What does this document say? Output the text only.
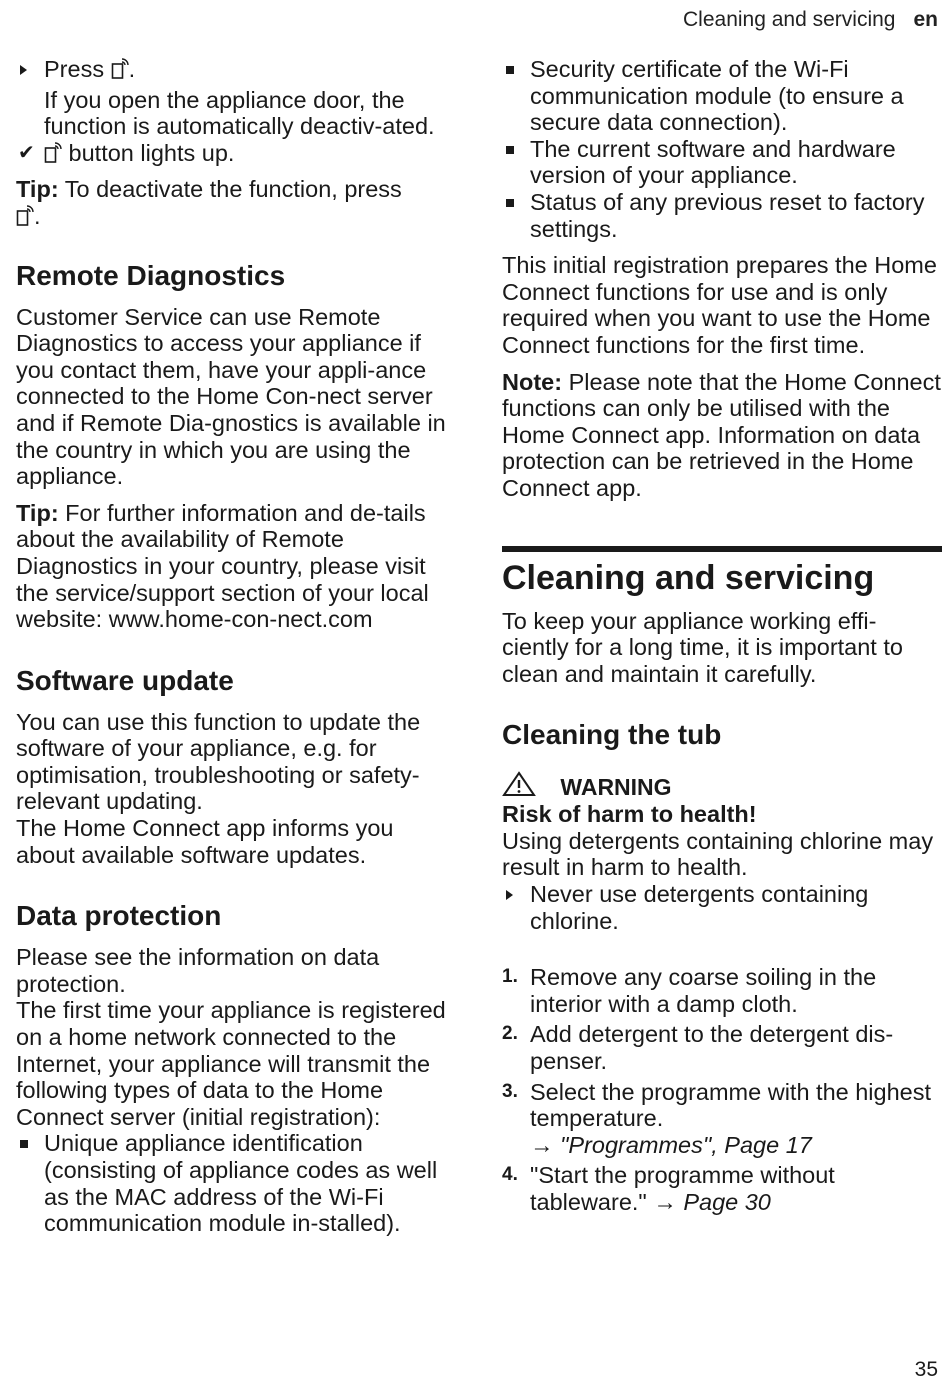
Cleaning and servicing en
Press .

If you open the appliance door, the function is automatically deactiv-ated.

✔ button lights up.

Tip: To deactivate the function, press
.

Remote Diagnostics

Customer Service can use Remote Diagnostics to access your appliance if you contact them, have your appli-ance connected to the Home Con-nect server and if Remote Dia-gnostics is available in the country in which you are using the appliance.

Tip: For further information and de-tails about the availability of Remote Diagnostics in your country, please visit the service/support section of your local website: www.home-con-nect.com

Software update

You can use this function to update the software of your appliance, e.g. for optimisation, troubleshooting or safety-relevant updating.

The Home Connect app informs you about available software updates.

Data protection

Please see the information on data protection.

The first time your appliance is registered on a home network connected to the Internet, your appliance will transmit the following types of data to the Home Connect server (initial registration):

Unique appliance identification (consisting of appliance codes as well as the MAC address of the Wi-Fi communication module in-stalled).
Security certificate of the Wi-Fi communication module (to ensure a secure data connection).
The current software and hardware version of your appliance.
Status of any previous reset to factory settings.

This initial registration prepares the Home Connect functions for use and is only required when you want to use the Home Connect functions for the first time.

Note: Please note that the Home Connect functions can only be utilised with the Home Connect app. Information on data protection can be retrieved in the Home Connect app.

Cleaning and servicing

To keep your appliance working effi-ciently for a long time, it is important to clean and maintain it carefully.

Cleaning the tub
WARNING

Risk of harm to health!

Using detergents containing chlorine may result in harm to health.

Never use detergents containing chlorine.
1. Remove any coarse soiling in the interior with a damp cloth.
2. Add detergent to the detergent dis-penser.
3. Select the programme with the highest temperature.
→ "Programmes", Page 17
4. "Start the programme without tableware." → Page 30
35
